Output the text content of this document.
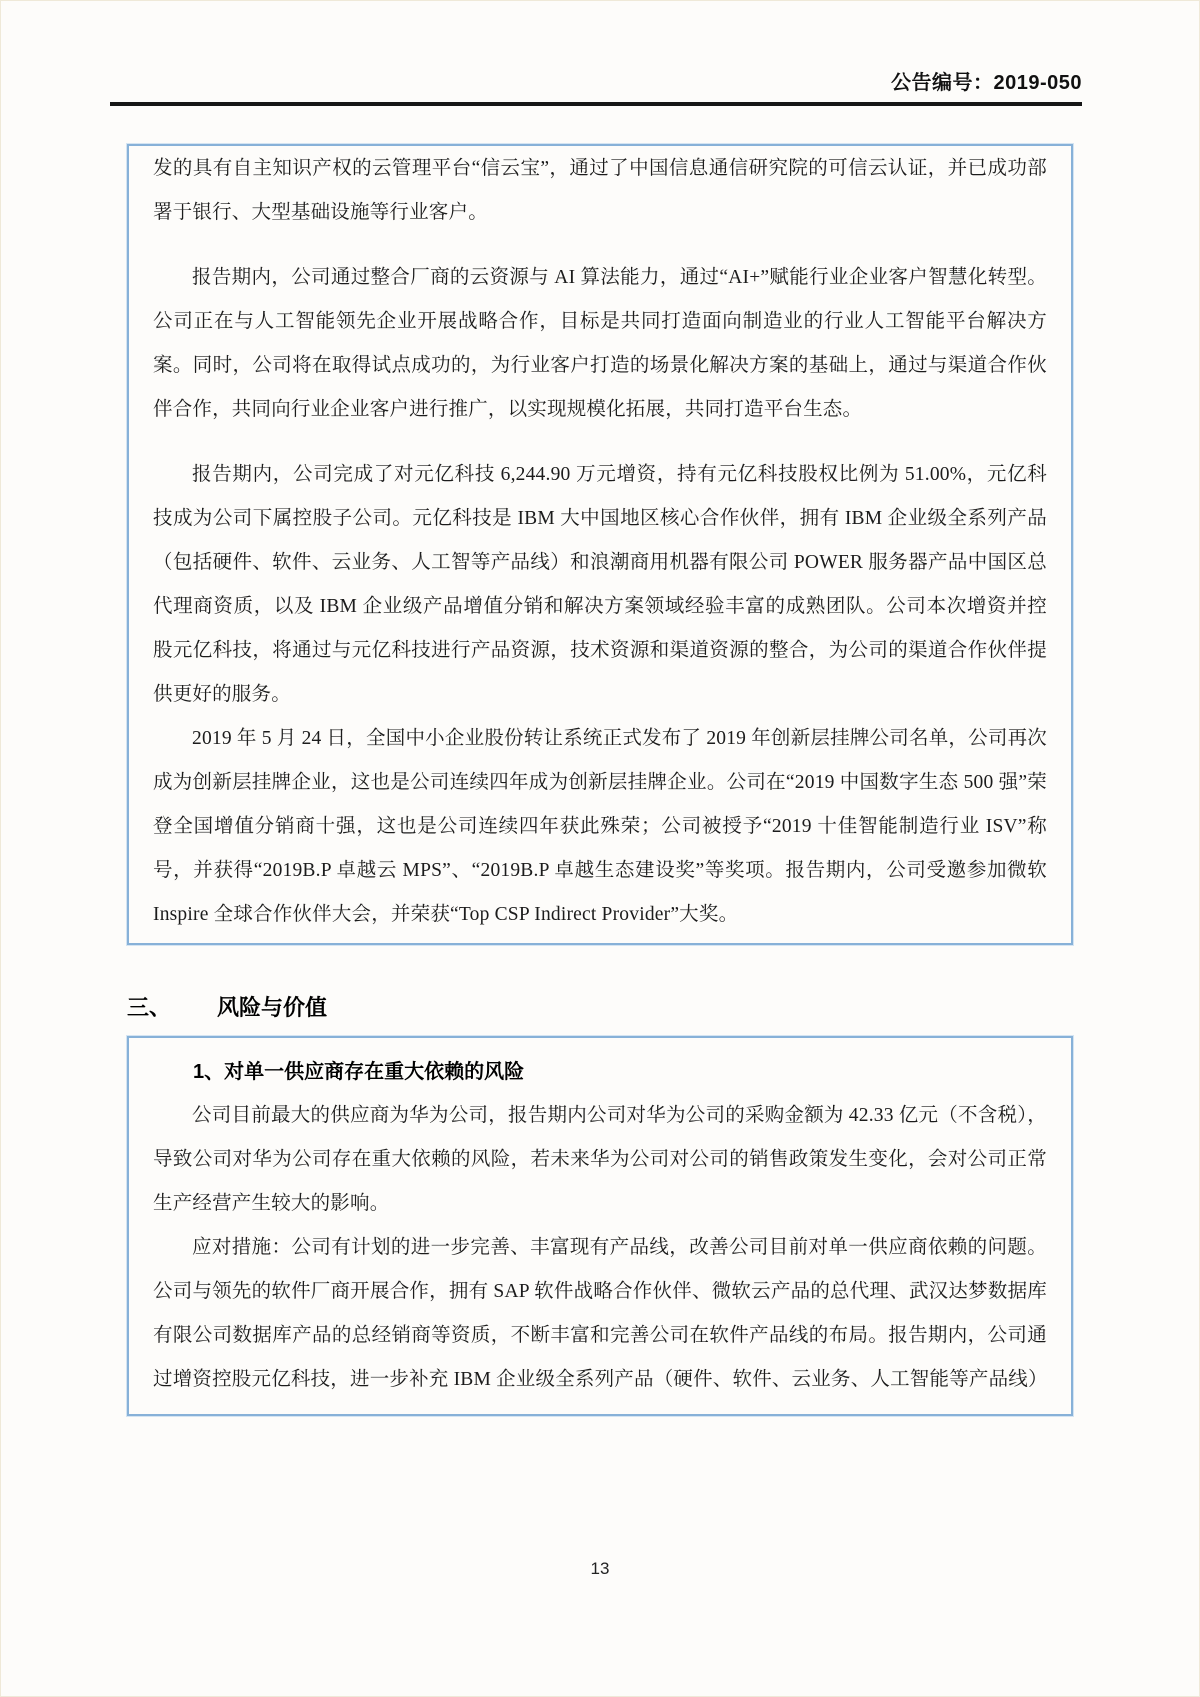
公告编号：2019-050

发的具有自主知识产权的云管理平台“信云宝”，通过了中国信息通信研究院的可信云认证，并已成功部署于银行、大型基础设施等行业客户。

报告期内，公司通过整合厂商的云资源与 AI 算法能力，通过“AI+”赋能行业企业客户智慧化转型。公司正在与人工智能领先企业开展战略合作，目标是共同打造面向制造业的行业人工智能平台解决方案。同时，公司将在取得试点成功的，为行业客户打造的场景化解决方案的基础上，通过与渠道合作伙伴合作，共同向行业企业客户进行推广，以实现规模化拓展，共同打造平台生态。

报告期内，公司完成了对元亿科技 6,244.90 万元增资，持有元亿科技股权比例为 51.00%，元亿科技成为公司下属控股子公司。元亿科技是 IBM 大中国地区核心合作伙伴，拥有 IBM 企业级全系列产品（包括硬件、软件、云业务、人工智等产品线）和浪潮商用机器有限公司 POWER 服务器产品中国区总代理商资质，以及 IBM 企业级产品增值分销和解决方案领域经验丰富的成熟团队。公司本次增资并控股元亿科技，将通过与元亿科技进行产品资源，技术资源和渠道资源的整合，为公司的渠道合作伙伴提供更好的服务。

2019 年 5 月 24 日，全国中小企业股份转让系统正式发布了 2019 年创新层挂牌公司名单，公司再次成为创新层挂牌企业，这也是公司连续四年成为创新层挂牌企业。公司在“2019 中国数字生态 500 强”荣登全国增值分销商十强，这也是公司连续四年获此殊荣；公司被授予“2019 十佳智能制造行业 ISV”称号，并获得“2019B.P 卓越云 MPS”、“2019B.P 卓越生态建设奖”等奖项。报告期内，公司受邀参加微软 Inspire 全球合作伙伴大会，并荣获“Top CSP Indirect Provider”大奖。

三、 风险与价值
1、对单一供应商存在重大依赖的风险

公司目前最大的供应商为华为公司，报告期内公司对华为公司的采购金额为 42.33 亿元（不含税），导致公司对华为公司存在重大依赖的风险，若未来华为公司对公司的销售政策发生变化，会对公司正常生产经营产生较大的影响。

应对措施：公司有计划的进一步完善、丰富现有产品线，改善公司目前对单一供应商依赖的问题。公司与领先的软件厂商开展合作，拥有 SAP 软件战略合作伙伴、微软云产品的总代理、武汉达梦数据库有限公司数据库产品的总经销商等资质，不断丰富和完善公司在软件产品线的布局。报告期内，公司通过增资控股元亿科技，进一步补充 IBM 企业级全系列产品（硬件、软件、云业务、人工智能等产品线）

13
